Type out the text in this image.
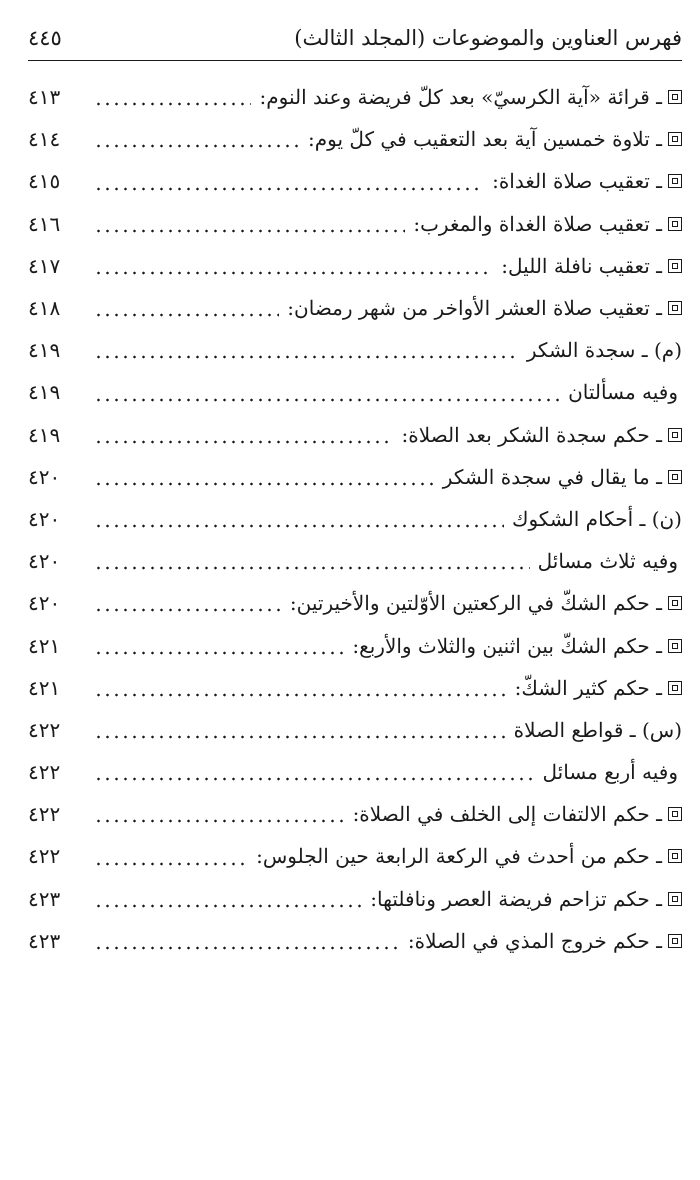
فهرس العناوين والموضوعات (المجلد الثالث)
٤٤٥
ـ قرائة «آية الكرسيّ» بعد كلّ فريضة وعند النوم:
٤١٣
ـ تلاوة خمسين آية بعد التعقيب في كلّ يوم:
٤١٤
ـ تعقيب صلاة الغداة:
٤١٥
ـ تعقيب صلاة الغداة والمغرب:
٤١٦
ـ تعقيب نافلة الليل:
٤١٧
ـ تعقيب صلاة العشر الأواخر من شهر رمضان:
٤١٨
(م) ـ سجدة الشكر
٤١٩
وفيه مسألتان
٤١٩
ـ حكم سجدة الشكر بعد الصلاة:
٤١٩
ـ ما يقال في سجدة الشكر
٤٢٠
(ن) ـ أحكام الشكوك
٤٢٠
وفيه ثلاث مسائل
٤٢٠
ـ حكم الشكّ في الركعتين الأوّلتين والأخيرتين:
٤٢٠
ـ حكم الشكّ بين اثنين والثلاث والأربع:
٤٢١
ـ حكم كثير الشكّ:
٤٢١
(س) ـ قواطع الصلاة
٤٢٢
وفيه أربع مسائل
٤٢٢
ـ حكم الالتفات إلى الخلف في الصلاة:
٤٢٢
ـ حكم من أحدث في الركعة الرابعة حين الجلوس:
٤٢٢
ـ حكم تزاحم فريضة العصر ونافلتها:
٤٢٣
ـ حكم خروج المذي في الصلاة:
٤٢٣
